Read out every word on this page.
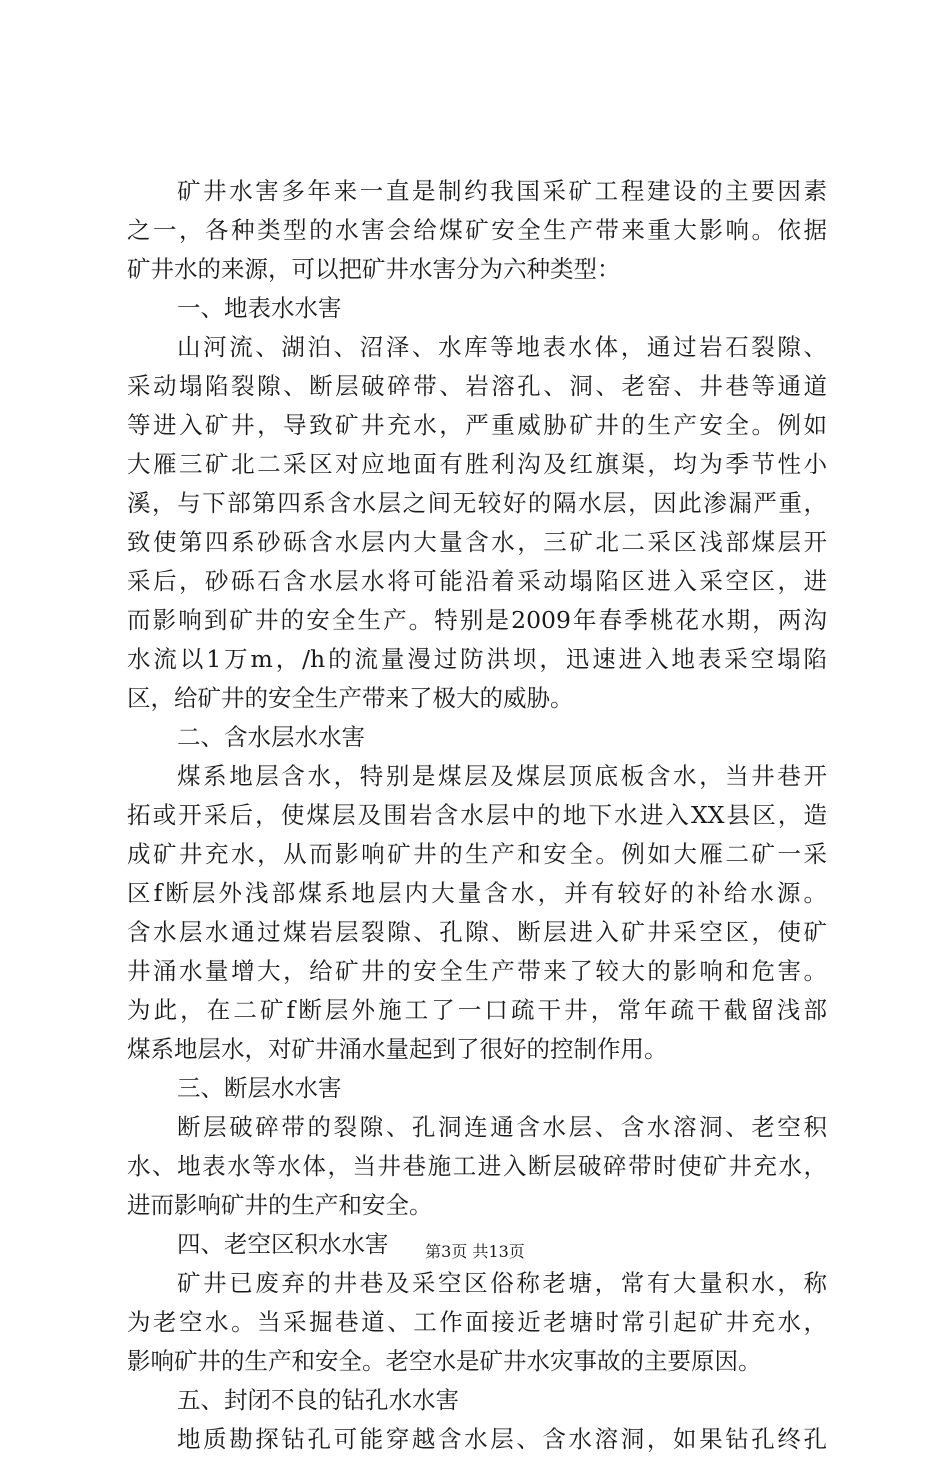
矿井水害多年来一直是制约我国采矿工程建设的主要因素
之一，各种类型的水害会给煤矿安全生产带来重大影响。依据
矿井水的来源，可以把矿井水害分为六种类型：
一、地表水水害
山河流、湖泊、沼泽、水库等地表水体，通过岩石裂隙、
采动塌陷裂隙、断层破碎带、岩溶孔、洞、老窑、井巷等通道
等进入矿井，导致矿井充水，严重威胁矿井的生产安全。例如
大雁三矿北二采区对应地面有胜利沟及红旗渠，均为季节性小
溪，与下部第四系含水层之间无较好的隔水层，因此渗漏严重，
致使第四系砂砾含水层内大量含水，三矿北二采区浅部煤层开
采后，砂砾石含水层水将可能沿着采动塌陷区进入采空区，进
而影响到矿井的安全生产。特别是2009年春季桃花水期，两沟
水流以1万m，/h的流量漫过防洪坝，迅速进入地表采空塌陷
区，给矿井的安全生产带来了极大的威胁。
二、含水层水水害
煤系地层含水，特别是煤层及煤层顶底板含水，当井巷开
拓或开采后，使煤层及围岩含水层中的地下水进入XX县区，造
成矿井充水，从而影响矿井的生产和安全。例如大雁二矿一采
区f断层外浅部煤系地层内大量含水，并有较好的补给水源。
含水层水通过煤岩层裂隙、孔隙、断层进入矿井采空区，使矿
井涌水量增大，给矿井的安全生产带来了较大的影响和危害。
为此，在二矿f断层外施工了一口疏干井，常年疏干截留浅部
煤系地层水，对矿井涌水量起到了很好的控制作用。
三、断层水水害
断层破碎带的裂隙、孔洞连通含水层、含水溶洞、老空积
水、地表水等水体，当井巷施工进入断层破碎带时使矿井充水，
进而影响矿井的生产和安全。
四、老空区积水水害
矿井已废弃的井巷及采空区俗称老塘，常有大量积水，称
为老空水。当采掘巷道、工作面接近老塘时常引起矿井充水，
影响矿井的生产和安全。老空水是矿井水灾事故的主要原因。
五、封闭不良的钻孔水水害
地质勘探钻孔可能穿越含水层、含水溶洞，如果钻孔终孔
第3页 共13页
